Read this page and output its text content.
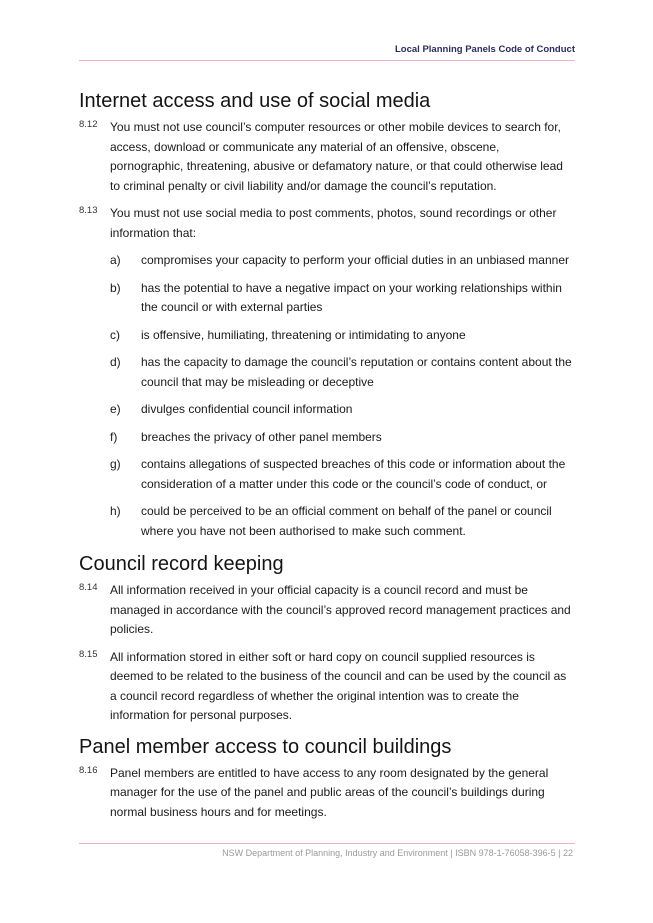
Local Planning Panels Code of Conduct
Internet access and use of social media
8.12 You must not use council’s computer resources or other mobile devices to search for, access, download or communicate any material of an offensive, obscene, pornographic, threatening, abusive or defamatory nature, or that could otherwise lead to criminal penalty or civil liability and/or damage the council’s reputation.
8.13 You must not use social media to post comments, photos, sound recordings or other information that:
a) compromises your capacity to perform your official duties in an unbiased manner
b) has the potential to have a negative impact on your working relationships within the council or with external parties
c) is offensive, humiliating, threatening or intimidating to anyone
d) has the capacity to damage the council’s reputation or contains content about the council that may be misleading or deceptive
e) divulges confidential council information
f) breaches the privacy of other panel members
g) contains allegations of suspected breaches of this code or information about the consideration of a matter under this code or the council’s code of conduct, or
h) could be perceived to be an official comment on behalf of the panel or council where you have not been authorised to make such comment.
Council record keeping
8.14 All information received in your official capacity is a council record and must be managed in accordance with the council’s approved record management practices and policies.
8.15 All information stored in either soft or hard copy on council supplied resources is deemed to be related to the business of the council and can be used by the council as a council record regardless of whether the original intention was to create the information for personal purposes.
Panel member access to council buildings
8.16 Panel members are entitled to have access to any room designated by the general manager for the use of the panel and public areas of the council’s buildings during normal business hours and for meetings.
NSW Department of Planning, Industry and Environment | ISBN 978-1-76058-396-5 | 22
